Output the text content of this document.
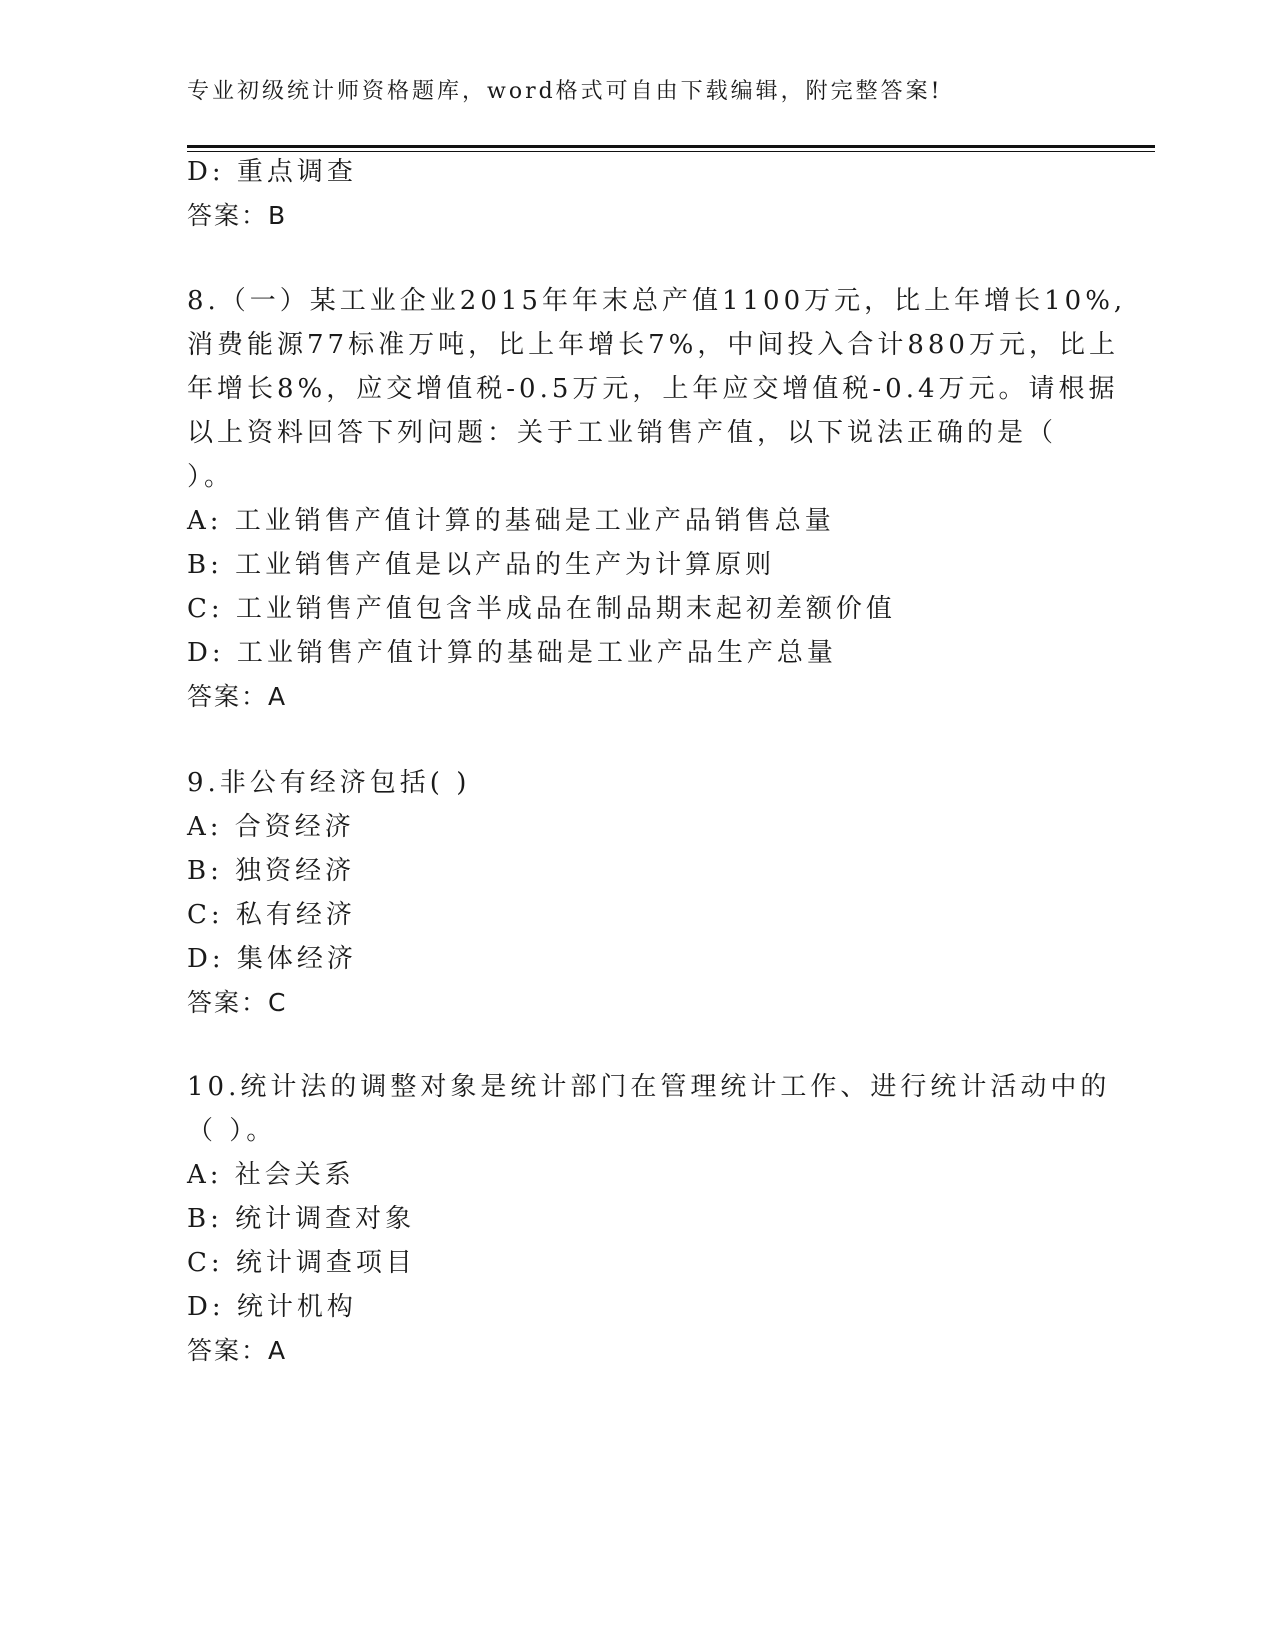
专业初级统计师资格题库，word格式可自由下载编辑，附完整答案!
D: 重点调查
答案：B
8.（一）某工业企业2015年年末总产值1100万元，比上年增长10%,
消费能源77标准万吨，比上年增长7%，中间投入合计880万元，比上
年增长8%，应交增值税-0.5万元，上年应交增值税-0.4万元。请根据
以上资料回答下列问题：关于工业销售产值，以下说法正确的是（
）。
A: 工业销售产值计算的基础是工业产品销售总量
B: 工业销售产值是以产品的生产为计算原则
C: 工业销售产值包含半成品在制品期末起初差额价值
D: 工业销售产值计算的基础是工业产品生产总量
答案：A
9.非公有经济包括( )
A: 合资经济
B: 独资经济
C: 私有经济
D: 集体经济
答案：C
10.统计法的调整对象是统计部门在管理统计工作、进行统计活动中的
（ ）。
A: 社会关系
B: 统计调查对象
C: 统计调查项目
D: 统计机构
答案：A
